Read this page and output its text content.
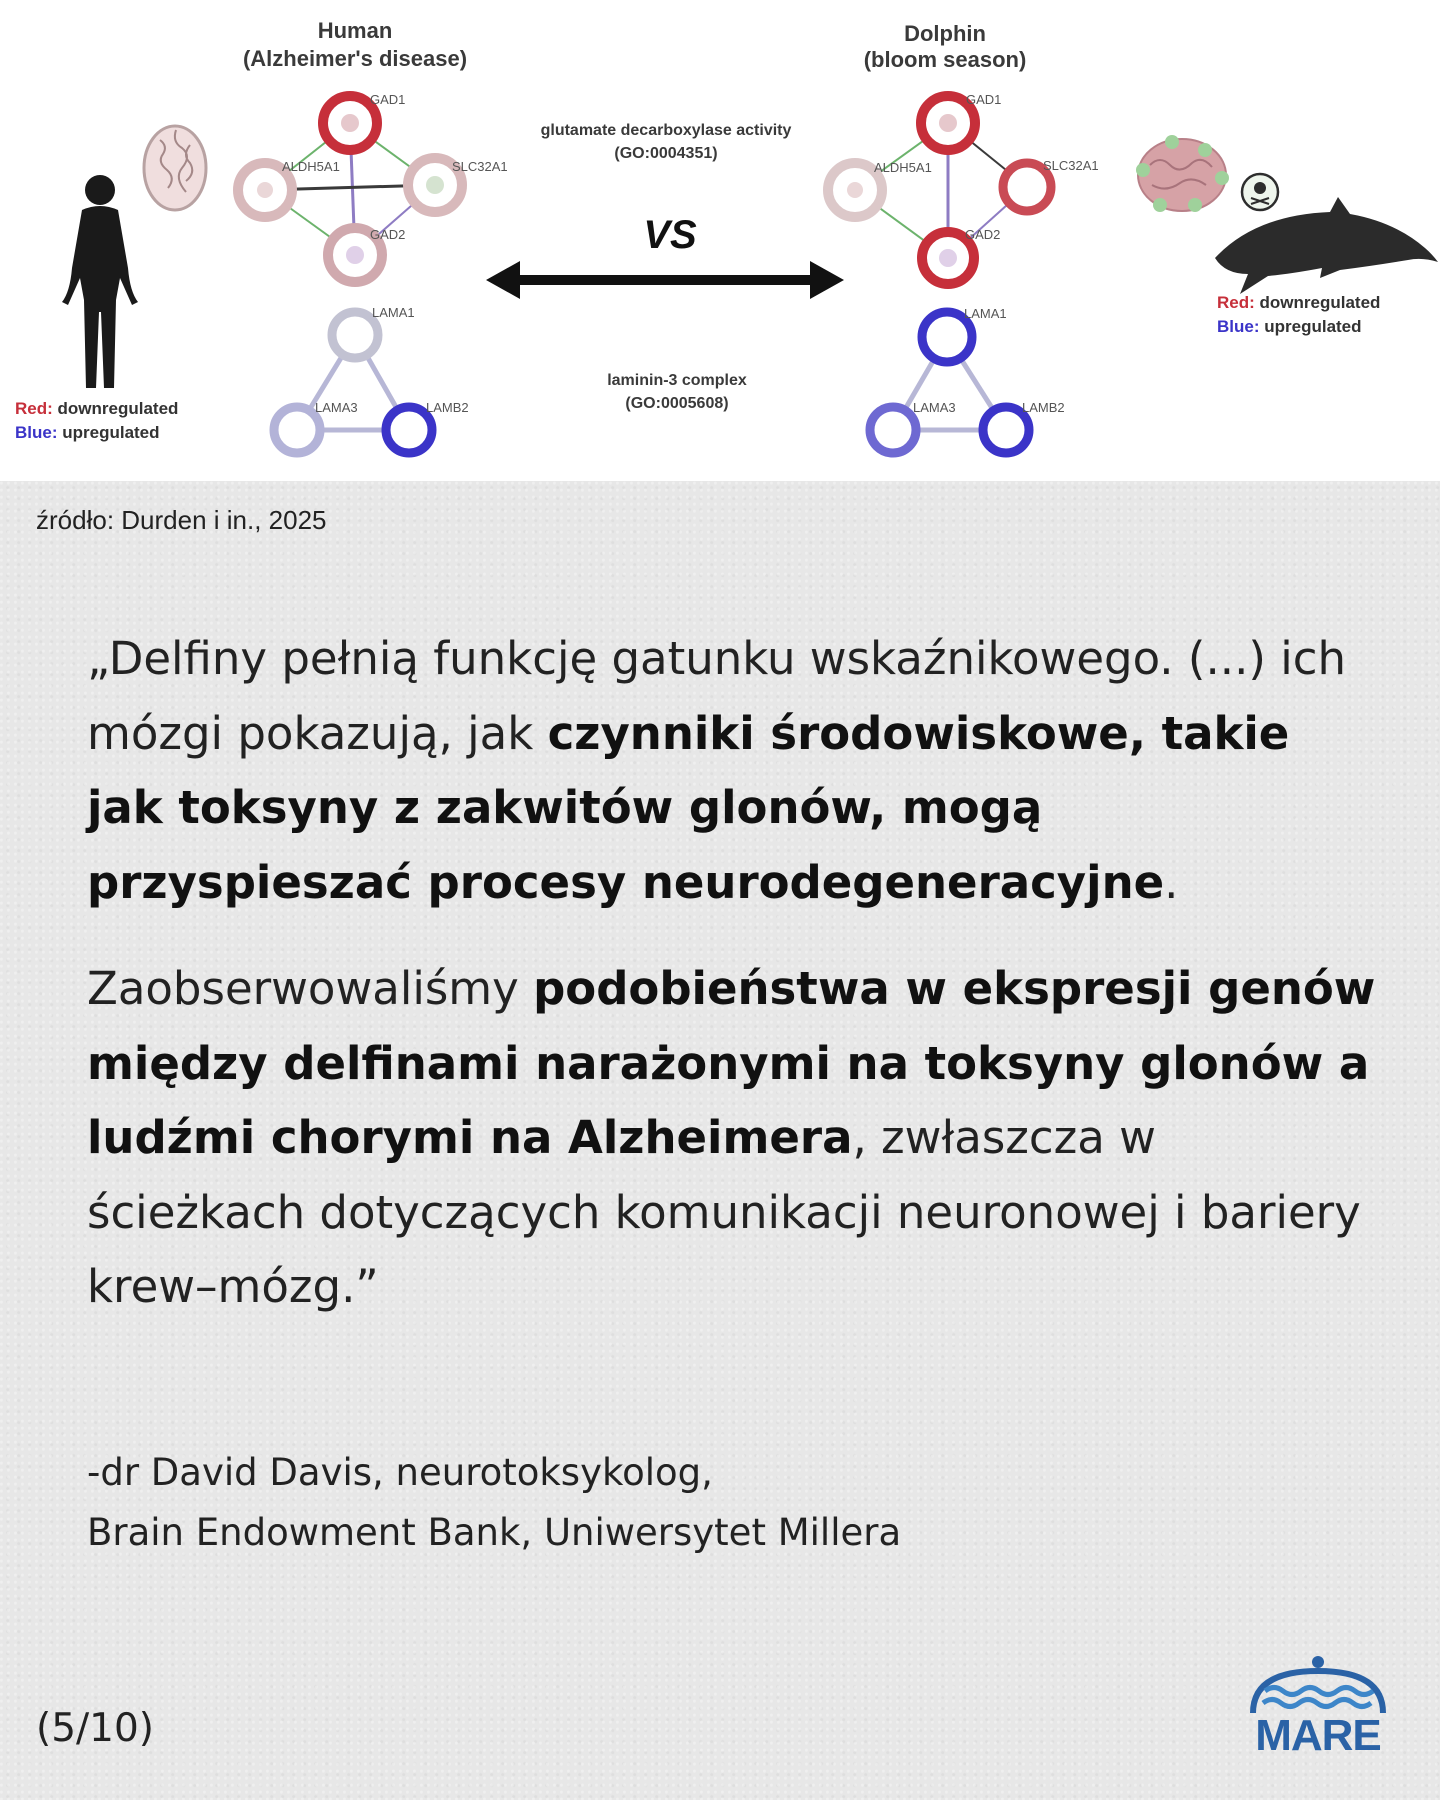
Human
(Alzheimer's disease)
Dolphin
(bloom season)
GAD1
ALDH5A1	SLC32A1
GAD2
LAMA1
LAMA3	LAMB2
glutamate decarboxylase activity
(GO:0004351)
VS
laminin-3 complex
(GO:0005608)
GAD1
ALDH5A1	SLC32A1
GAD2
LAMA1
LAMA3	LAMB2
Red: downregulated
Blue: upregulated
Red: downregulated
Blue: upregulated
źródło: Durden i in., 2025

„Delfiny pełnią funkcję gatunku wskaźnikowego. (...) ich mózgi pokazują, jak czynniki środowiskowe, takie jak toksyny z zakwitów glonów, mogą przyspieszać procesy neurodegeneracyjne.

Zaobserwowaliśmy podobieństwa w ekspresji genów między delfinami narażonymi na toksyny glonów a ludźmi chorymi na Alzheimera, zwłaszcza w ścieżkach dotyczących komunikacji neuronowej i bariery krew–mózg.”

-dr David Davis, neurotoksykolog,
Brain Endowment Bank, Uniwersytet Millera
(5/10)	MARE
